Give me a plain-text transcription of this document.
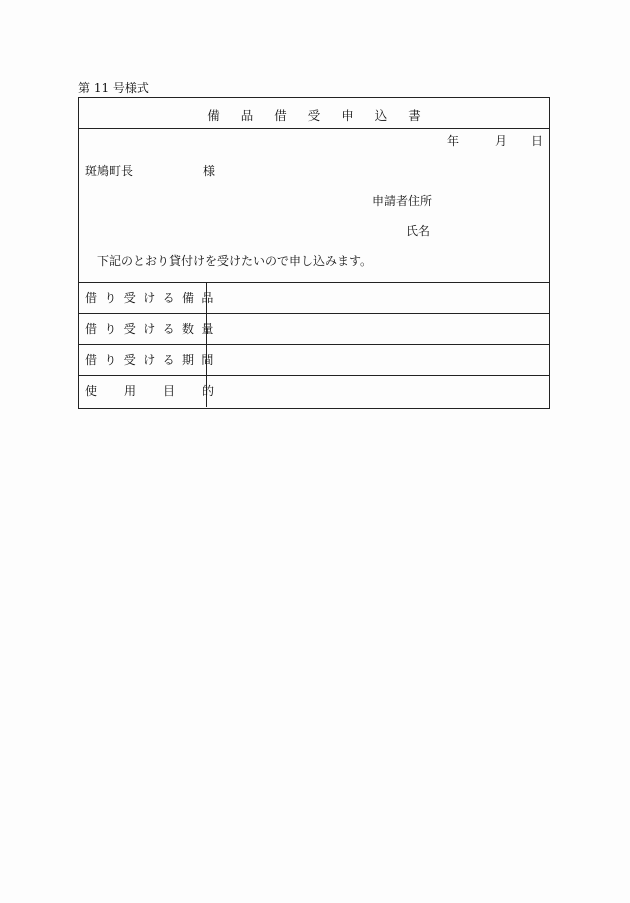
第 11 号様式
備品借受申込書
年	月 日
斑鳩町長	様
申請者住所
氏名
下記のとおり貸付けを受けたいので申し込みます。
借り受ける備品
借り受ける数量
借り受ける期間
使用目的
